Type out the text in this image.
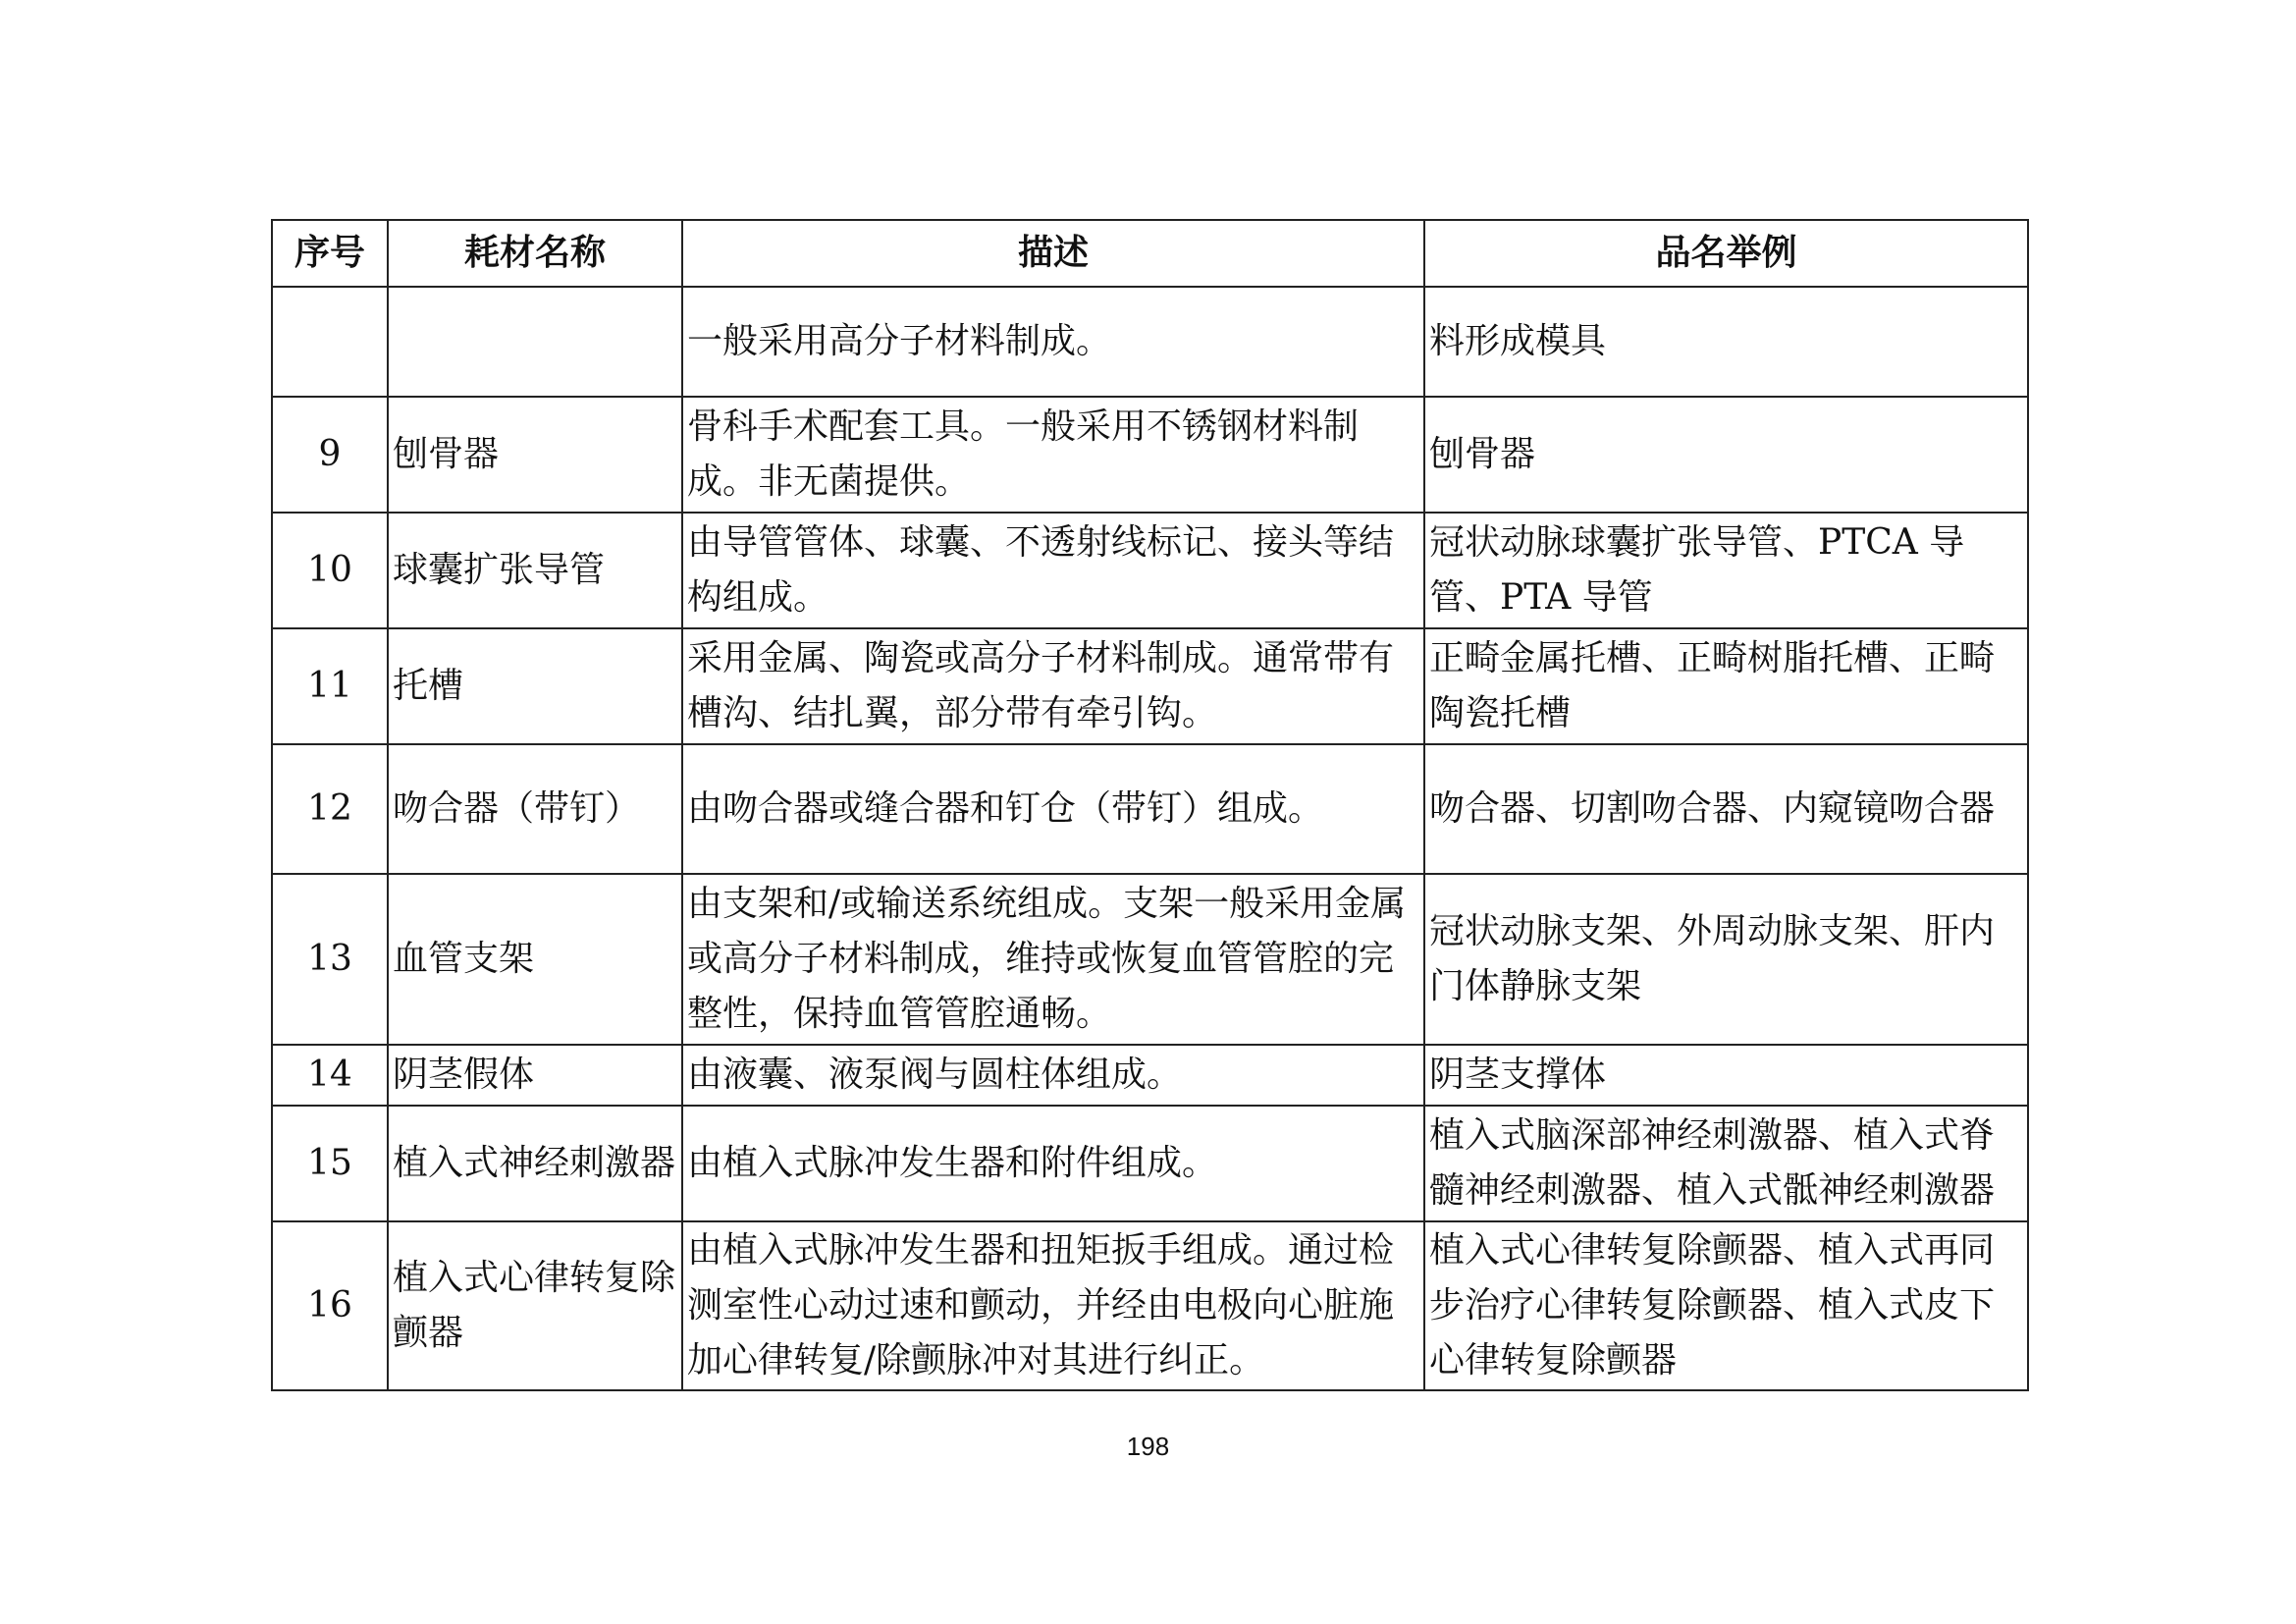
序号	耗材名称	描述	品名举例
		一般采用高分子材料制成。	料形成模具
9	刨骨器	骨科手术配套工具。一般采用不锈钢材料制成。非无菌提供。	刨骨器
10	球囊扩张导管	由导管管体、球囊、不透射线标记、接头等结构组成。	冠状动脉球囊扩张导管、PTCA 导管、PTA 导管
11	托槽	采用金属、陶瓷或高分子材料制成。通常带有槽沟、结扎翼，部分带有牵引钩。	正畸金属托槽、正畸树脂托槽、正畸陶瓷托槽
12	吻合器（带钉）	由吻合器或缝合器和钉仓（带钉）组成。	吻合器、切割吻合器、内窥镜吻合器
13	血管支架	由支架和/或输送系统组成。支架一般采用金属或高分子材料制成，维持或恢复血管管腔的完整性，保持血管管腔通畅。	冠状动脉支架、外周动脉支架、肝内门体静脉支架
14	阴茎假体	由液囊、液泵阀与圆柱体组成。	阴茎支撑体
15	植入式神经刺激器	由植入式脉冲发生器和附件组成。	植入式脑深部神经刺激器、植入式脊髓神经刺激器、植入式骶神经刺激器
16	植入式心律转复除颤器	由植入式脉冲发生器和扭矩扳手组成。通过检测室性心动过速和颤动，并经由电极向心脏施加心律转复/除颤脉冲对其进行纠正。	植入式心律转复除颤器、植入式再同步治疗心律转复除颤器、植入式皮下心律转复除颤器
198
